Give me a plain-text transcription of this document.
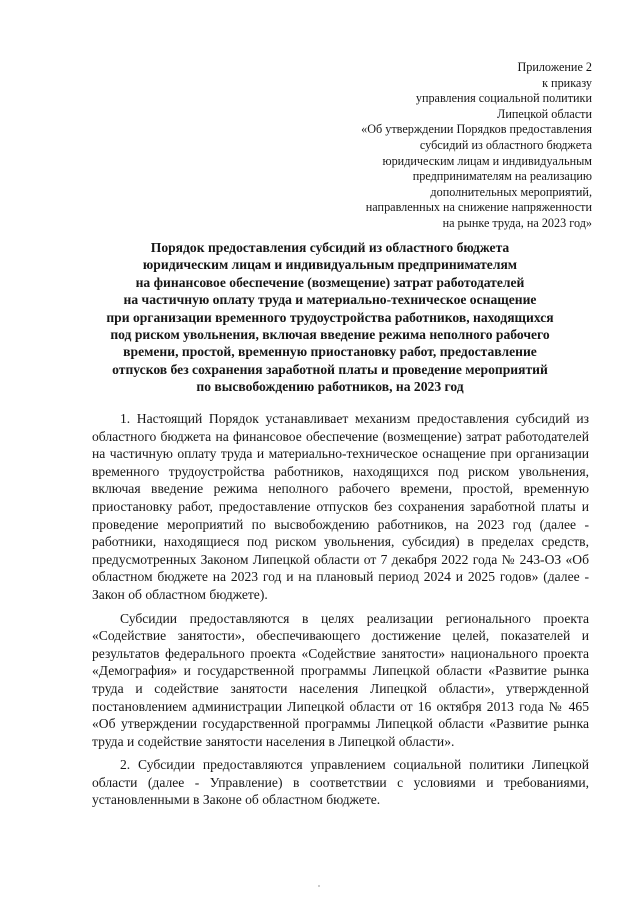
Приложение 2
к приказу
управления социальной политики
Липецкой области
«Об утверждении Порядков предоставления
субсидий из областного бюджета
юридическим лицам и индивидуальным
предпринимателям на реализацию
дополнительных мероприятий,
направленных на снижение напряженности
на рынке труда, на 2023 год»
Порядок предоставления субсидий из областного бюджета
юридическим лицам и индивидуальным предпринимателям
на финансовое обеспечение (возмещение) затрат работодателей
на частичную оплату труда и материально-техническое оснащение
при организации временного трудоустройства работников, находящихся
под риском увольнения, включая введение режима неполного рабочего
времени, простой, временную приостановку работ, предоставление
отпусков без сохранения заработной платы и проведение мероприятий
по высвобождению работников, на 2023 год

1. Настоящий Порядок устанавливает механизм предоставления субсидий из областного бюджета на финансовое обеспечение (возмещение) затрат работодателей на частичную оплату труда и материально-техническое оснащение при организации временного трудоустройства работников, находящихся под риском увольнения, включая введение режима неполного рабочего времени, простой, временную приостановку работ, предоставление отпусков без сохранения заработной платы и проведение мероприятий по высвобождению работников, на 2023 год (далее - работники, находящиеся под риском увольнения, субсидия) в пределах средств, предусмотренных Законом Липецкой области от 7 декабря 2022 года № 243-ОЗ «Об областном бюджете на 2023 год и на плановый период 2024 и 2025 годов» (далее - Закон об областном бюджете).

Субсидии предоставляются в целях реализации регионального проекта «Содействие занятости», обеспечивающего достижение целей, показателей и результатов федерального проекта «Содействие занятости» национального проекта «Демография» и государственной программы Липецкой области «Развитие рынка труда и содействие занятости населения Липецкой области», утвержденной постановлением администрации Липецкой области от 16 октября 2013 года № 465 «Об утверждении государственной программы Липецкой области «Развитие рынка труда и содействие занятости населения в Липецкой области».

2. Субсидии предоставляются управлением социальной политики Липецкой области (далее - Управление) в соответствии с условиями и требованиями, установленными в Законе об областном бюджете.
